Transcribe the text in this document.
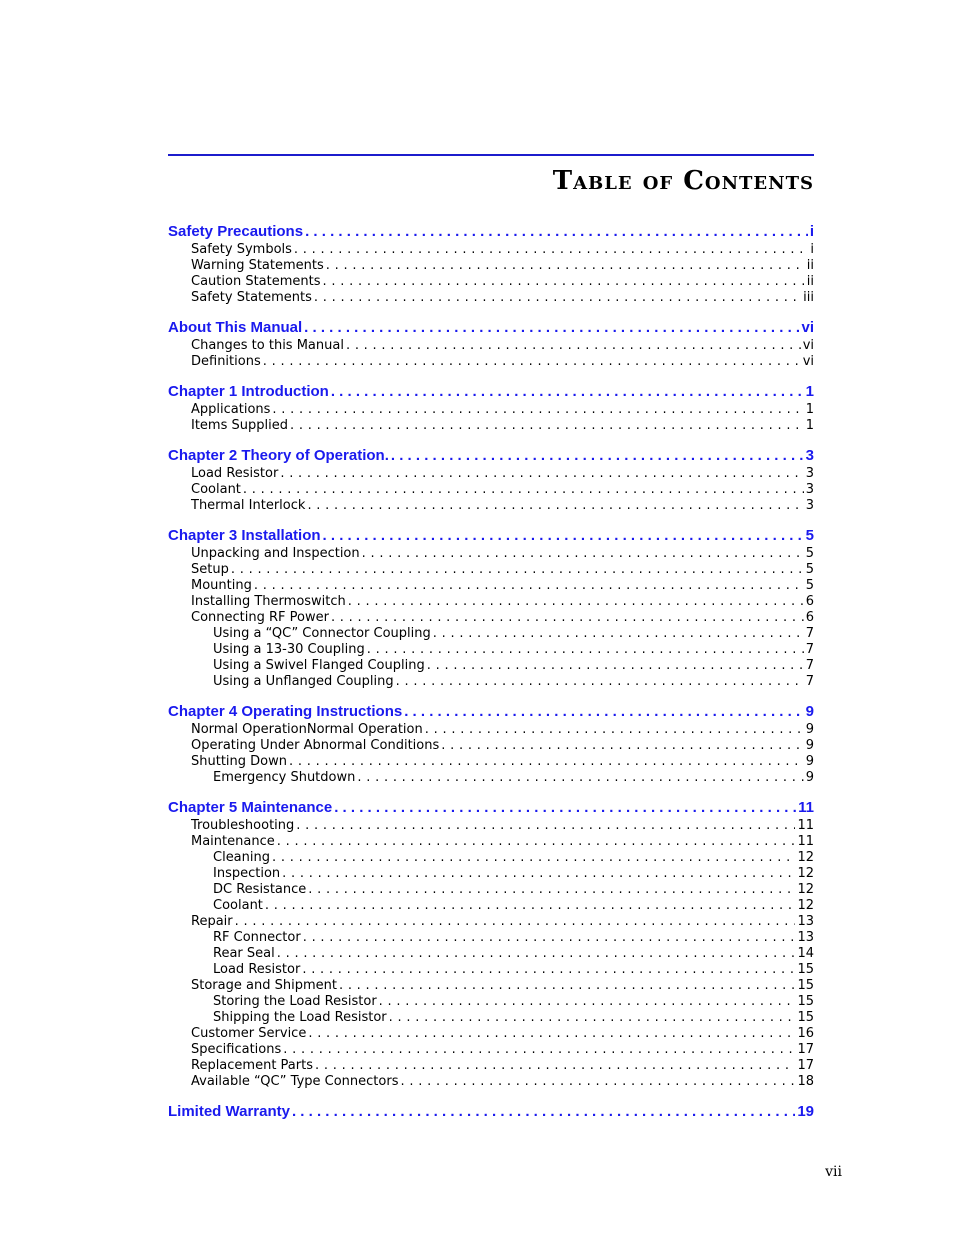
Table of Contents
Safety Precautions . . .	i
Safety Symbols . . .	i
Warning Statements . . .	ii
Caution Statements . . .	ii
Safety Statements . . .	iii
About This Manual . . .	vi
Changes to this Manual . . .	vi
Definitions . . .	vi
Chapter 1 Introduction . . .	1
Applications . . .	1
Items Supplied . . .	1
Chapter 2 Theory of Operation. . . .	3
Load Resistor . . .	3
Coolant . . .	3
Thermal Interlock . . .	3
Chapter 3 Installation . . .	5
Unpacking and Inspection . . .	5
Setup . . .	5
Mounting . . .	5
Installing Thermoswitch . . .	6
Connecting RF Power . . .	6
Using a “QC” Connector Coupling . . .	7
Using a 13-30 Coupling . . .	7
Using a Swivel Flanged Coupling . . .	7
Using a Unflanged Coupling . . .	7
Chapter 4 Operating Instructions . . .	9
Normal OperationNormal Operation . . .	9
Operating Under Abnormal Conditions . . .	9
Shutting Down . . .	9
Emergency Shutdown . . .	9
Chapter 5 Maintenance . . .	11
Troubleshooting . . .	11
Maintenance . . .	11
Cleaning . . .	12
Inspection . . .	12
DC Resistance . . .	12
Coolant . . .	12
Repair . . .	13
RF Connector . . .	13
Rear Seal . . .	14
Load Resistor . . .	15
Storage and Shipment . . .	15
Storing the Load Resistor . . .	15
Shipping the Load Resistor . . .	15
Customer Service . . .	16
Specifications . . .	17
Replacement Parts . . .	17
Available “QC” Type Connectors . . .	18
Limited Warranty . . .	19
vii
